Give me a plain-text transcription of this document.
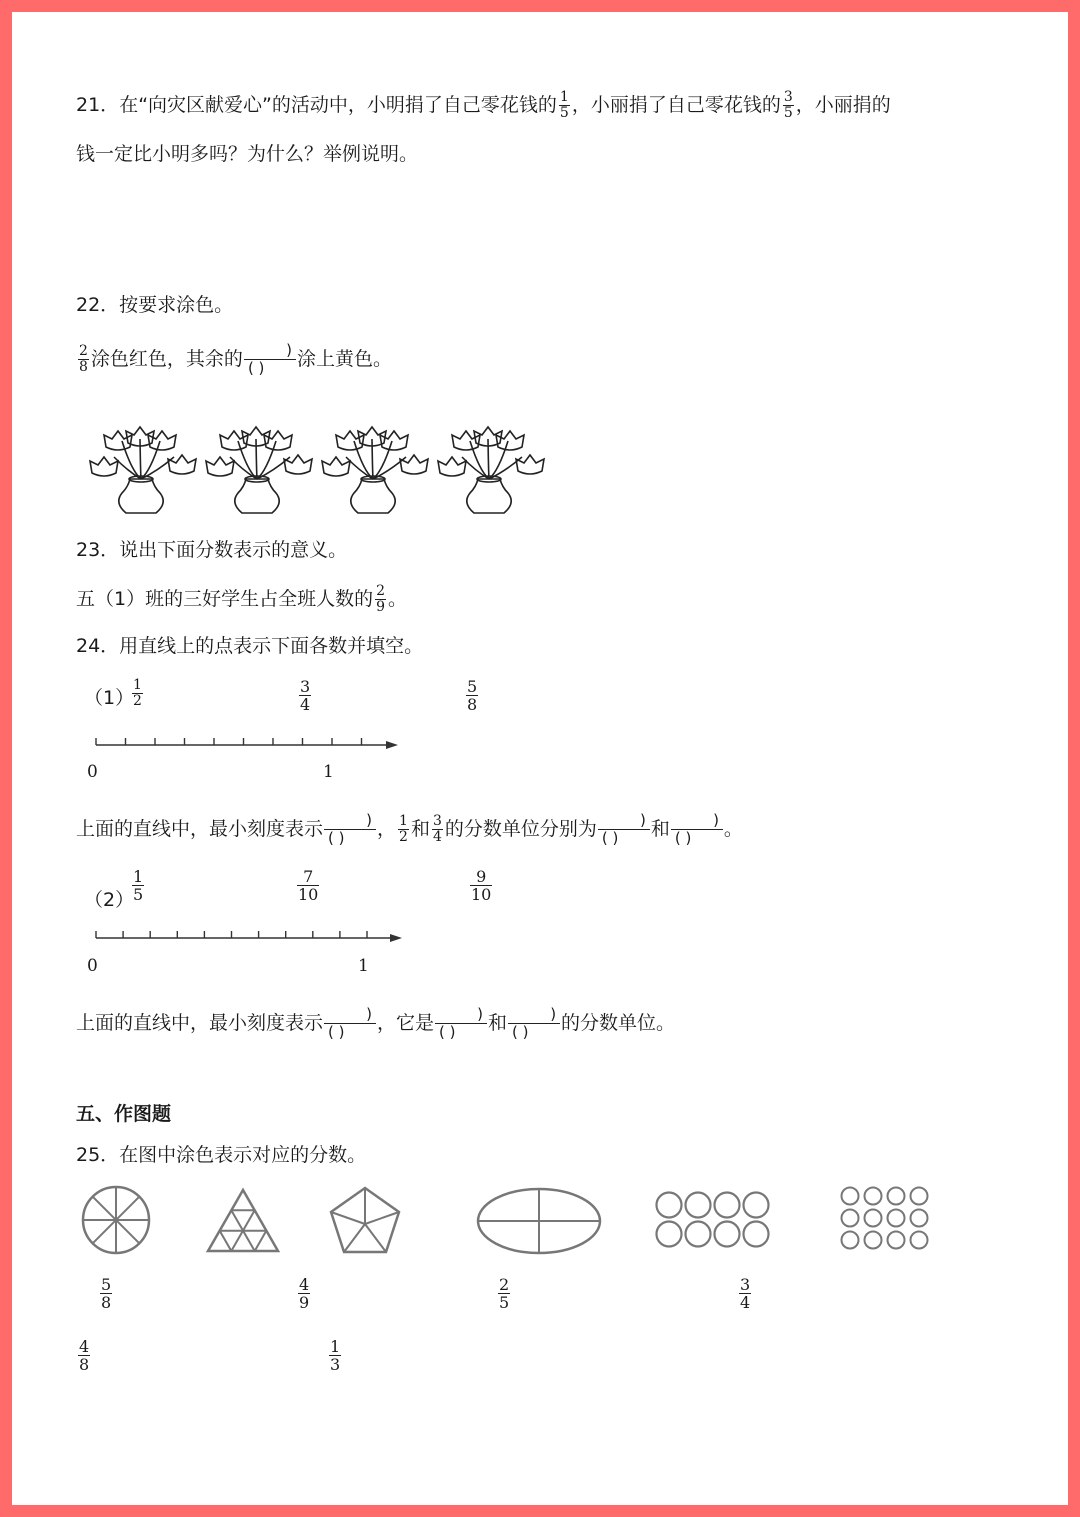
21．在“向灾区献爱心”的活动中，小明捐了自己零花钱的 $\frac{1}{5}$ ，小丽捐了自己零花钱的 $\frac{3}{5}$ ，小丽捐的
钱一定比小明多吗？为什么？举例说明。
22．按要求涂色。
$\frac{2}{8}$ 涂色红色，其余的	)
( )	涂上黄色。
23．说出下面分数表示的意义。
五（1）班的三好学生占全班人数的 $\frac{2}{9}$ 。
24．用直线上的点表示下面各数并填空。
（1）
$\frac{1}{2}$	$\frac{3}{4}$	$\frac{5}{8}$
0	1
上面的直线中，最小刻度表示	)
( )	， $\frac{1}{2}$ 和 $\frac{3}{4}$ 的分数单位分别为	)
( )	和	)
( )	。
（2）
$\frac{1}{5}$	$\frac{7}{10}$	$\frac{9}{10}$
0	1
上面的直线中，最小刻度表示	)
( )	，它是	)
( )	和	)
( )	的分数单位。
五、作图题
25．在图中涂色表示对应的分数。
$\frac{5}{8}$	$\frac{4}{9}$	$\frac{2}{5}$	$\frac{3}{4}$
$\frac{4}{8}$	$\frac{1}{3}$
